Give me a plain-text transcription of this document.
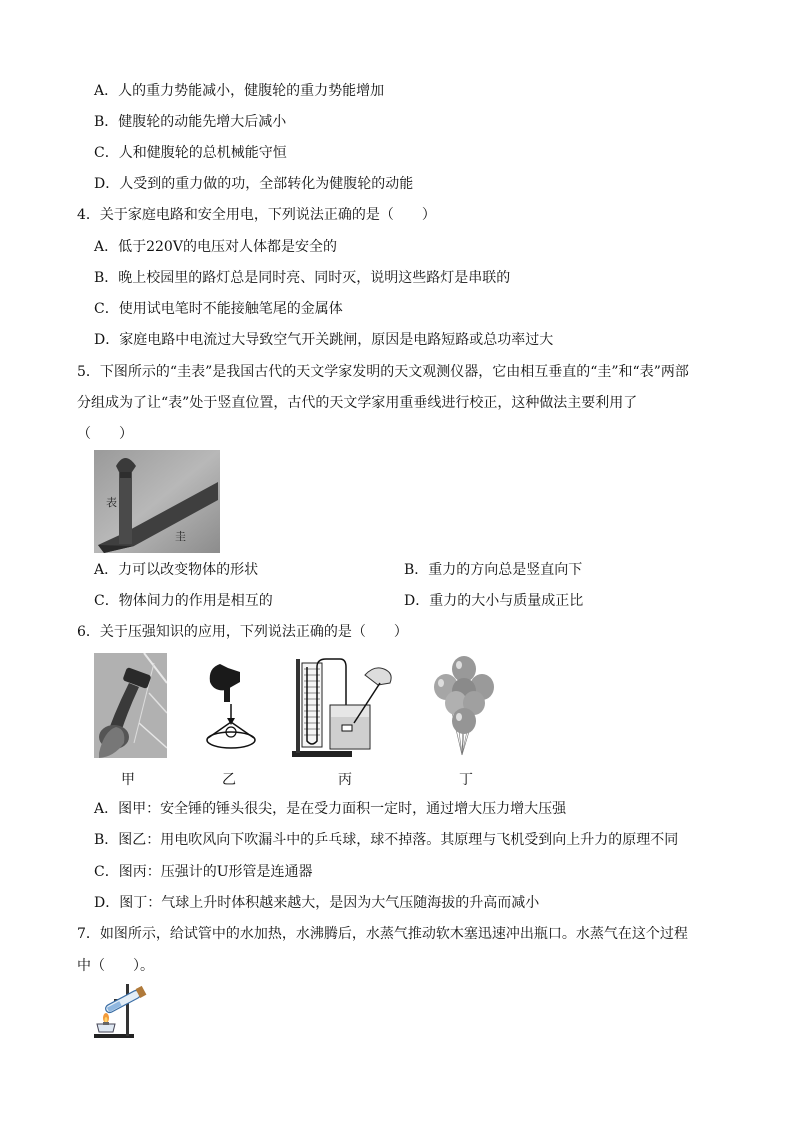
A．人的重力势能减小，健腹轮的重力势能增加
B．健腹轮的动能先增大后减小
C．人和健腹轮的总机械能守恒
D．人受到的重力做的功，全部转化为健腹轮的动能
4．关于家庭电路和安全用电，下列说法正确的是（　　）
A．低于220V的电压对人体都是安全的
B．晚上校园里的路灯总是同时亮、同时灭，说明这些路灯是串联的
C．使用试电笔时不能接触笔尾的金属体
D．家庭电路中电流过大导致空气开关跳闸，原因是电路短路或总功率过大
5．下图所示的“圭表”是我国古代的天文学家发明的天文观测仪器，它由相互垂直的“圭”和“表”两部
分组成为了让“表”处于竖直位置，古代的天文学家用重垂线进行校正，这种做法主要利用了
（　　）
表
圭
A．力可以改变物体的形状	B．重力的方向总是竖直向下
C．物体间力的作用是相互的	D．重力的大小与质量成正比
6．关于压强知识的应用，下列说法正确的是（　　）
甲	乙	丙	丁
A．图甲：安全锤的锤头很尖，是在受力面积一定时，通过增大压力增大压强
B．图乙：用电吹风向下吹漏斗中的乒乓球，球不掉落。其原理与飞机受到向上升力的原理不同
C．图丙：压强计的U形管是连通器
D．图丁：气球上升时体积越来越大，是因为大气压随海拔的升高而减小
7．如图所示，给试管中的水加热，水沸腾后，水蒸气推动软木塞迅速冲出瓶口。水蒸气在这个过程
中（　　）。
